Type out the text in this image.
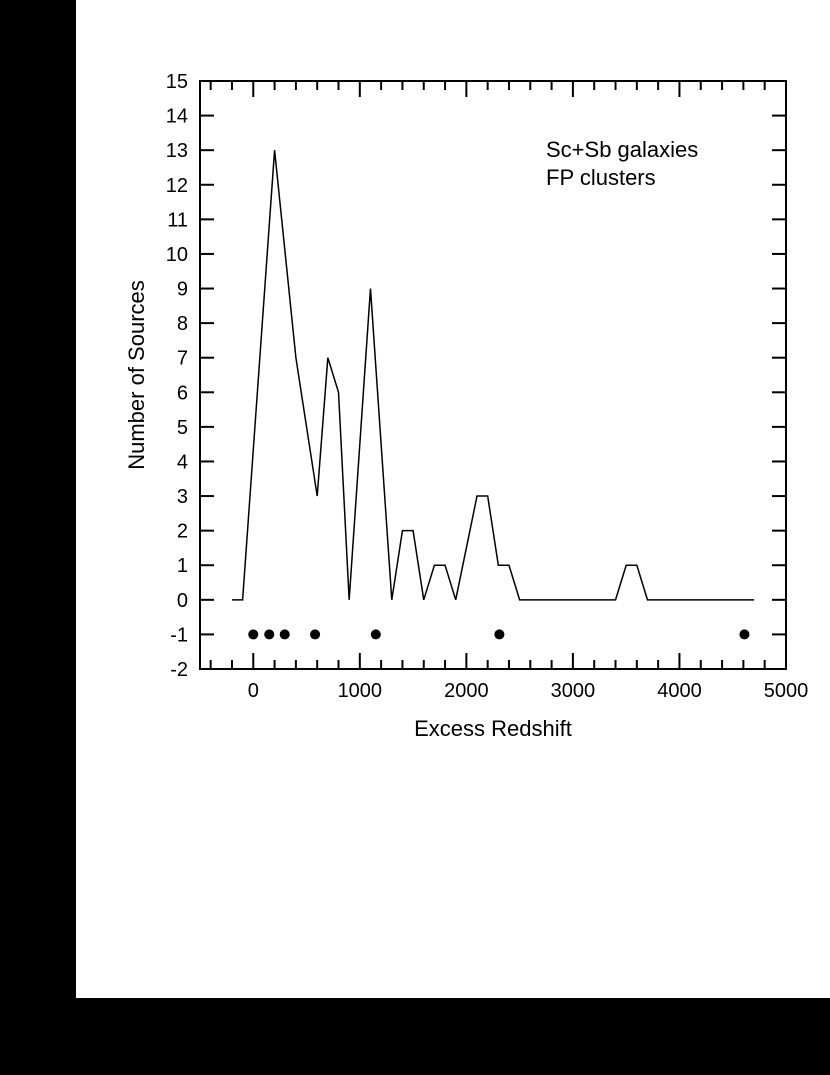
0	1000	2000	3000	4000	5000
-2
-1
0
1
2
3
4
5
6
7
8
9
10
11
12
13
14
15
Excess Redshift
Number of Sources
Sc+Sb galaxies
FP clusters
